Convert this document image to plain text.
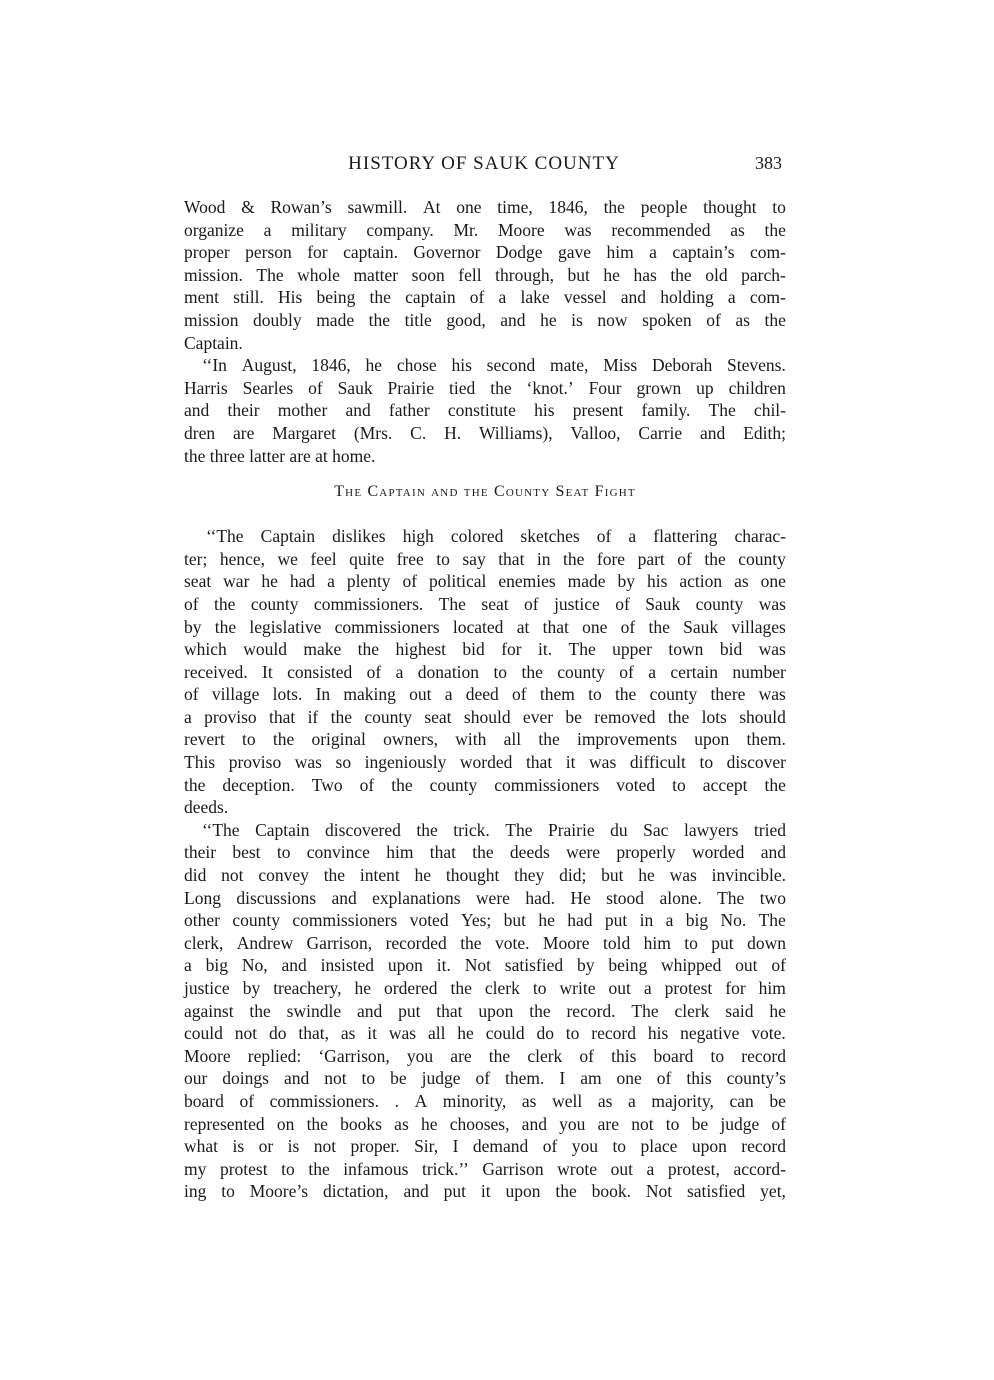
HISTORY OF SAUK COUNTY	383
Wood & Rowan’s sawmill. At one time, 1846, the people thought to
organize a military company. Mr. Moore was recommended as the
proper person for captain. Governor Dodge gave him a captain’s com-
mission. The whole matter soon fell through, but he has the old parch-
ment still. His being the captain of a lake vessel and holding a com-
mission doubly made the title good, and he is now spoken of as the
Captain.
‘‘In August, 1846, he chose his second mate, Miss Deborah Stevens.
Harris Searles of Sauk Prairie tied the ‘knot.’ Four grown up children
and their mother and father constitute his present family. The chil-
dren are Margaret (Mrs. C. H. Williams), Valloo, Carrie and Edith;
the three latter are at home.
The Captain and the County Seat Fight
‘‘The Captain dislikes high colored sketches of a flattering charac-
ter; hence, we feel quite free to say that in the fore part of the county
seat war he had a plenty of political enemies made by his action as one
of the county commissioners. The seat of justice of Sauk county was
by the legislative commissioners located at that one of the Sauk villages
which would make the highest bid for it. The upper town bid was
received. It consisted of a donation to the county of a certain number
of village lots. In making out a deed of them to the county there was
a proviso that if the county seat should ever be removed the lots should
revert to the original owners, with all the improvements upon them.
This proviso was so ingeniously worded that it was difficult to discover
the deception. Two of the county commissioners voted to accept the
deeds.
‘‘The Captain discovered the trick. The Prairie du Sac lawyers tried
their best to convince him that the deeds were properly worded and
did not convey the intent he thought they did; but he was invincible.
Long discussions and explanations were had. He stood alone. The two
other county commissioners voted Yes; but he had put in a big No. The
clerk, Andrew Garrison, recorded the vote. Moore told him to put down
a big No, and insisted upon it. Not satisfied by being whipped out of
justice by treachery, he ordered the clerk to write out a protest for him
against the swindle and put that upon the record. The clerk said he
could not do that, as it was all he could do to record his negative vote.
Moore replied: ‘Garrison, you are the clerk of this board to record
our doings and not to be judge of them. I am one of this county’s
board of commissioners. . A minority, as well as a majority, can be
represented on the books as he chooses, and you are not to be judge of
what is or is not proper. Sir, I demand of you to place upon record
my protest to the infamous trick.’’ Garrison wrote out a protest, accord-
ing to Moore’s dictation, and put it upon the book. Not satisfied yet,
